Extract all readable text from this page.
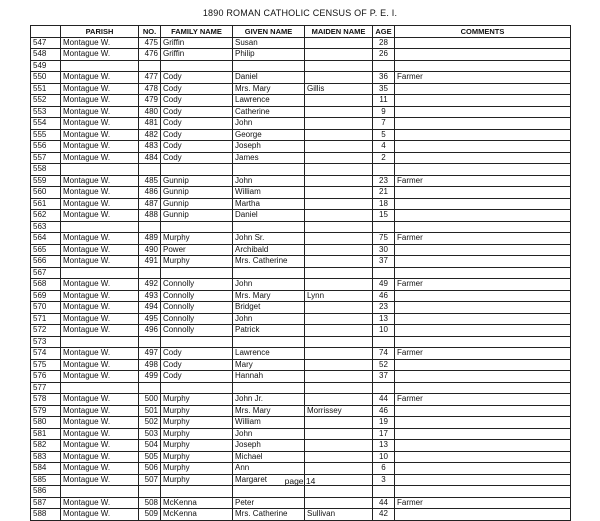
1890 ROMAN CATHOLIC CENSUS OF P. E. I.
	PARISH	NO.	FAMILY NAME	GIVEN NAME	MAIDEN NAME	AGE	COMMENTS
547	Montague W.	475	Griffin	Susan		28	
548	Montague W.	476	Griffin	Philip		26	
549							
550	Montague W.	477	Cody	Daniel		36	Farmer
551	Montague W.	478	Cody	Mrs. Mary	Gillis	35	
552	Montague W.	479	Cody	Lawrence		11	
553	Montague W.	480	Cody	Catherine		9	
554	Montague W.	481	Cody	John		7	
555	Montague W.	482	Cody	George		5	
556	Montague W.	483	Cody	Joseph		4	
557	Montague W.	484	Cody	James		2	
558							
559	Montague W.	485	Gunnip	John		23	Farmer
560	Montague W.	486	Gunnip	William		21	
561	Montague W.	487	Gunnip	Martha		18	
562	Montague W.	488	Gunnip	Daniel		15	
563							
564	Montague W.	489	Murphy	John Sr.		75	Farmer
565	Montague W.	490	Power	Archibald		30	
566	Montague W.	491	Murphy	Mrs. Catherine		37	
567							
568	Montague W.	492	Connolly	John		49	Farmer
569	Montague W.	493	Connolly	Mrs. Mary	Lynn	46	
570	Montague W.	494	Connolly	Bridget		23	
571	Montague W.	495	Connolly	John		13	
572	Montague W.	496	Connolly	Patrick		10	
573							
574	Montague W.	497	Cody	Lawrence		74	Farmer
575	Montague W.	498	Cody	Mary		52	
576	Montague W.	499	Cody	Hannah		37	
577							
578	Montague W.	500	Murphy	John Jr.		44	Farmer
579	Montague W.	501	Murphy	Mrs. Mary	Morrissey	46	
580	Montague W.	502	Murphy	William		19	
581	Montague W.	503	Murphy	John		17	
582	Montague W.	504	Murphy	Joseph		13	
583	Montague W.	505	Murphy	Michael		10	
584	Montague W.	506	Murphy	Ann		6	
585	Montague W.	507	Murphy	Margaret		3	
586							
587	Montague W.	508	McKenna	Peter		44	Farmer
588	Montague W.	509	McKenna	Mrs. Catherine	Sullivan	42	
page 14
